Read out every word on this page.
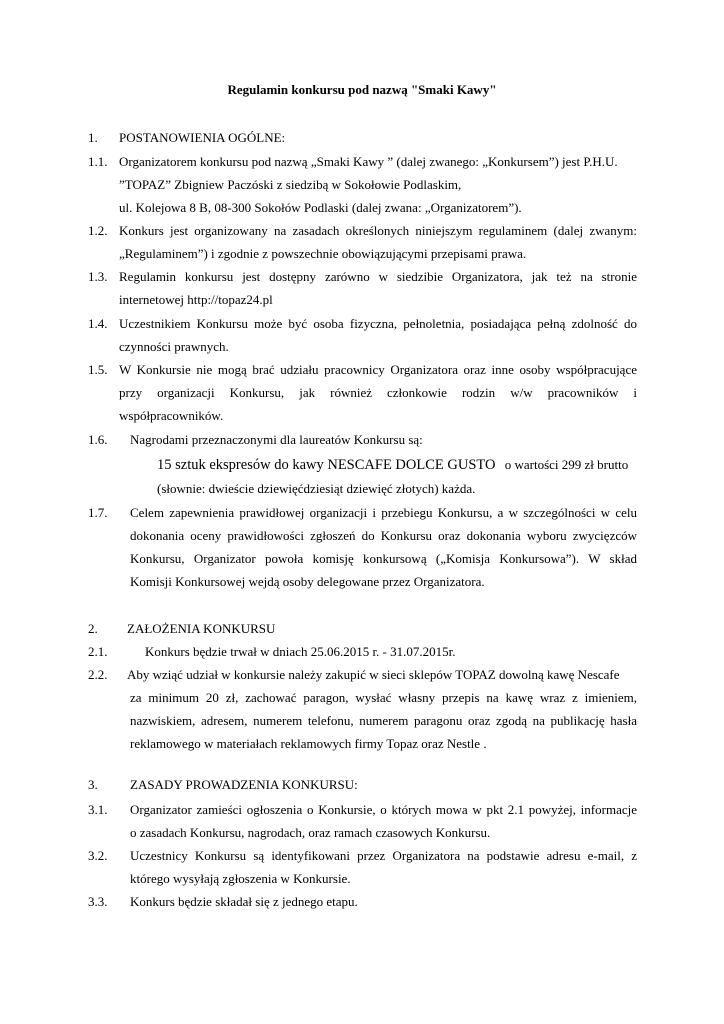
Regulamin konkursu pod nazwą "Smaki Kawy"
1. POSTANOWIENIA OGÓLNE:
1.1. Organizatorem konkursu pod nazwą „Smaki Kawy ” (dalej zwanego: „Konkursem”) jest P.H.U.
”TOPAZ” Zbigniew Paczóski z siedzibą w Sokołowie Podlaskim,
ul. Kolejowa 8 B, 08-300 Sokołów Podlaski (dalej zwana: „Organizatorem”).
1.2. Konkurs jest organizowany na zasadach określonych niniejszym regulaminem (dalej zwanym:
„Regulaminem”) i zgodnie z powszechnie obowiązującymi przepisami prawa.
1.3. Regulamin konkursu jest dostępny zarówno w siedzibie Organizatora, jak też na stronie
internetowej http://topaz24.pl
1.4. Uczestnikiem Konkursu może być osoba fizyczna, pełnoletnia, posiadająca pełną zdolność do
czynności prawnych.
1.5. W Konkursie nie mogą brać udziału pracownicy Organizatora oraz inne osoby współpracujące
przy organizacji Konkursu, jak również członkowie rodzin w/w pracowników i
współpracowników.
1.6. Nagrodami przeznaczonymi dla laureatów Konkursu są:
15 sztuk ekspresów do kawy NESCAFE DOLCE GUSTO o wartości 299 zł brutto
(słownie: dwieście dziewięćdziesiąt dziewięć złotych) każda.
1.7. Celem zapewnienia prawidłowej organizacji i przebiegu Konkursu, a w szczególności w celu
dokonania oceny prawidłowości zgłoszeń do Konkursu oraz dokonania wyboru zwycięzców
Konkursu, Organizator powoła komisję konkursową („Komisja Konkursowa”). W skład
Komisji Konkursowej wejdą osoby delegowane przez Organizatora.
2. ZAŁOŻENIA KONKURSU
2.1.	Konkurs będzie trwał w dniach 25.06.2015 r. - 31.07.2015r.
2.2. Aby wziąć udział w konkursie należy zakupić w sieci sklepów TOPAZ dowolną kawę Nescafe
za minimum 20 zł, zachować paragon, wysłać własny przepis na kawę wraz z imieniem,
nazwiskiem, adresem, numerem telefonu, numerem paragonu oraz zgodą na publikację hasła
reklamowego w materiałach reklamowych firmy Topaz oraz Nestle .
3. ZASADY PROWADZENIA KONKURSU:
3.1. Organizator zamieści ogłoszenia o Konkursie, o których mowa w pkt 2.1 powyżej, informacje
o zasadach Konkursu, nagrodach, oraz ramach czasowych Konkursu.
3.2. Uczestnicy Konkursu są identyfikowani przez Organizatora na podstawie adresu e-mail, z
którego wysyłają zgłoszenia w Konkursie.
3.3. Konkurs będzie składał się z jednego etapu.
